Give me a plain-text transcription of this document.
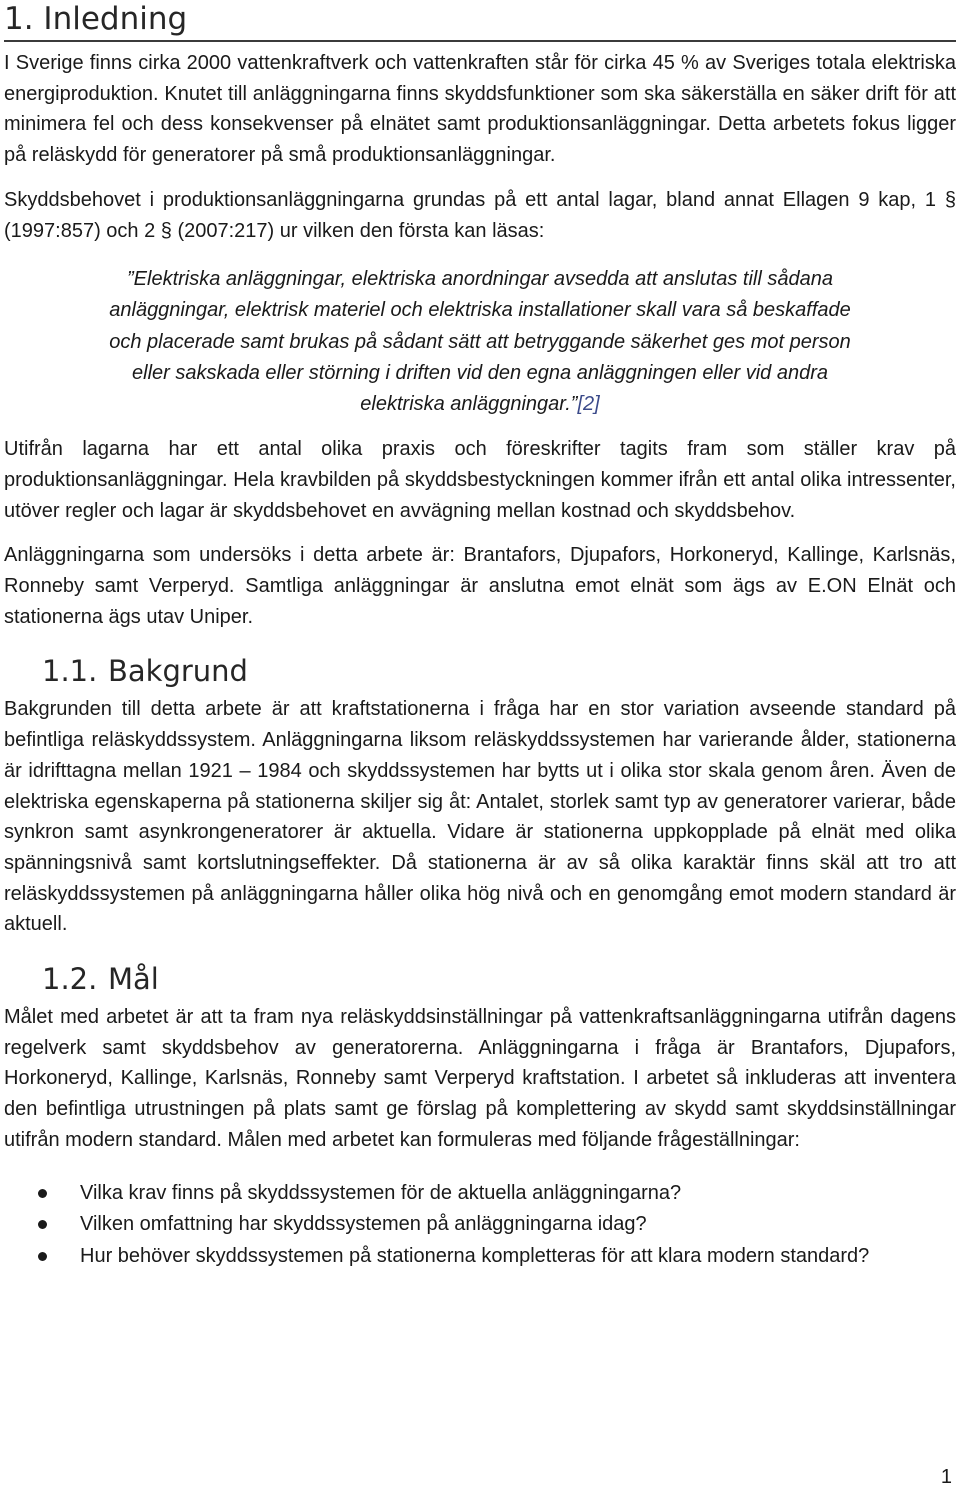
1. Inledning

I Sverige finns cirka 2000 vattenkraftverk och vattenkraften står för cirka 45 % av Sveriges totala elektriska energiproduktion. Knutet till anläggningarna finns skyddsfunktioner som ska säkerställa en säker drift för att minimera fel och dess konsekvenser på elnätet samt produktionsanläggningar. Detta arbetets fokus ligger på reläskydd för generatorer på små produktionsanläggningar.

Skyddsbehovet i produktionsanläggningarna grundas på ett antal lagar, bland annat Ellagen 9 kap, 1 § (1997:857) och 2 § (2007:217) ur vilken den första kan läsas:

”Elektriska anläggningar, elektriska anordningar avsedda att anslutas till sådana anläggningar, elektrisk materiel och elektriska installationer skall vara så beskaffade och placerade samt brukas på sådant sätt att betryggande säkerhet ges mot person eller sakskada eller störning i driften vid den egna anläggningen eller vid andra elektriska anläggningar.”[2]

Utifrån lagarna har ett antal olika praxis och föreskrifter tagits fram som ställer krav på produktionsanläggningar. Hela kravbilden på skyddsbestyckningen kommer ifrån ett antal olika intressenter, utöver regler och lagar är skyddsbehovet en avvägning mellan kostnad och skyddsbehov.

Anläggningarna som undersöks i detta arbete är: Brantafors, Djupafors, Horkoneryd, Kallinge, Karlsnäs, Ronneby samt Verperyd. Samtliga anläggningar är anslutna emot elnät som ägs av E.ON Elnät och stationerna ägs utav Uniper.

1.1. Bakgrund

Bakgrunden till detta arbete är att kraftstationerna i fråga har en stor variation avseende standard på befintliga reläskyddssystem. Anläggningarna liksom reläskyddssystemen har varierande ålder, stationerna är idrifttagna mellan 1921 – 1984 och skyddssystemen har bytts ut i olika stor skala genom åren. Även de elektriska egenskaperna på stationerna skiljer sig åt: Antalet, storlek samt typ av generatorer varierar, både synkron samt asynkrongeneratorer är aktuella. Vidare är stationerna uppkopplade på elnät med olika spänningsnivå samt kortslutningseffekter. Då stationerna är av så olika karaktär finns skäl att tro att reläskyddssystemen på anläggningarna håller olika hög nivå och en genomgång emot modern standard är aktuell.

1.2. Mål

Målet med arbetet är att ta fram nya reläskyddsinställningar på vattenkraftsanläggningarna utifrån dagens regelverk samt skyddsbehov av generatorerna. Anläggningarna i fråga är Brantafors, Djupafors, Horkoneryd, Kallinge, Karlsnäs, Ronneby samt Verperyd kraftstation. I arbetet så inkluderas att inventera den befintliga utrustningen på plats samt ge förslag på komplettering av skydd samt skyddsinställningar utifrån modern standard. Målen med arbetet kan formuleras med följande frågeställningar:

Vilka krav finns på skyddssystemen för de aktuella anläggningarna?
Vilken omfattning har skyddssystemen på anläggningarna idag?
Hur behöver skyddssystemen på stationerna kompletteras för att klara modern standard?
1
